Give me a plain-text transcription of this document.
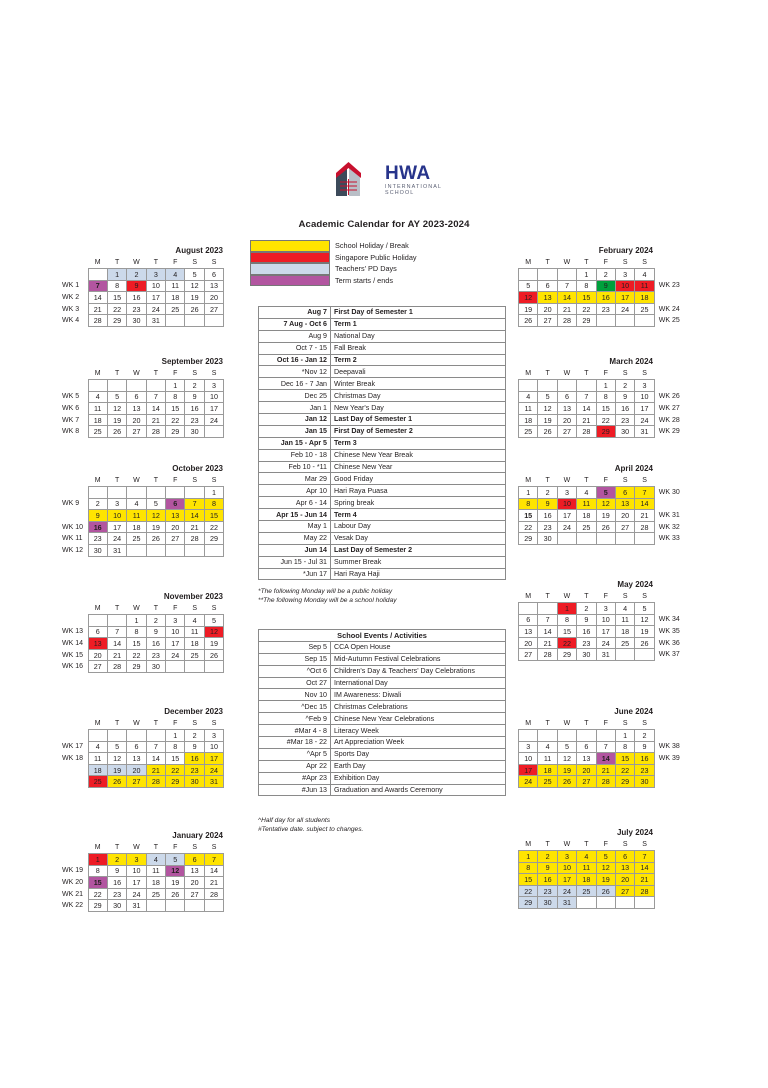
HWA
INTERNATIONAL
SCHOOL
Academic Calendar for AY 2023-2024
School Holiday / Break
Singapore Public Holiday
Teachers' PD Days
Term starts / ends
August 2023
	M	T	W	T	F	S	S
		1	2	3	4	5	6
WK 1	7	8	9	10	11	12	13
WK 2	14	15	16	17	18	19	20
WK 3	21	22	23	24	25	26	27
WK 4	28	29	30	31			
September 2023
	M	T	W	T	F	S	S
					1	2	3
WK 5	4	5	6	7	8	9	10
WK 6	11	12	13	14	15	16	17
WK 7	18	19	20	21	22	23	24
WK 8	25	26	27	28	29	30	
October 2023
	M	T	W	T	F	S	S
							1
WK 9	2	3	4	5	6	7	8
	9	10	11	12	13	14	15
WK 10	16	17	18	19	20	21	22
WK 11	23	24	25	26	27	28	29
WK 12	30	31					
November 2023
	M	T	W	T	F	S	S
			1	2	3	4	5
WK 13	6	7	8	9	10	11	12
WK 14	13	14	15	16	17	18	19
WK 15	20	21	22	23	24	25	26
WK 16	27	28	29	30			
December 2023
	M	T	W	T	F	S	S
					1	2	3
WK 17	4	5	6	7	8	9	10
WK 18	11	12	13	14	15	16	17
	18	19	20	21	22	23	24
	25	26	27	28	29	30	31
January 2024
	M	T	W	T	F	S	S
	1	2	3	4	5	6	7
WK 19	8	9	10	11	12	13	14
WK 20	15	16	17	18	19	20	21
WK 21	22	23	24	25	26	27	28
WK 22	29	30	31				
February 2024
M	T	W	T	F	S	S	
			1	2	3	4	
5	6	7	8	9	10	11	WK 23
12	13	14	15	16	17	18	
19	20	21	22	23	24	25	WK 24
26	27	28	29				WK 25
March 2024
M	T	W	T	F	S	S	
				1	2	3	
4	5	6	7	8	9	10	WK 26
11	12	13	14	15	16	17	WK 27
18	19	20	21	22	23	24	WK 28
25	26	27	28	29	30	31	WK 29
April 2024
M	T	W	T	F	S	S	
1	2	3	4	5	6	7	WK 30
8	9	10	11	12	13	14	
15	16	17	18	19	20	21	WK 31
22	23	24	25	26	27	28	WK 32
29	30						WK 33
May 2024
M	T	W	T	F	S	S	
		1	2	3	4	5	
6	7	8	9	10	11	12	WK 34
13	14	15	16	17	18	19	WK 35
20	21	22	23	24	25	26	WK 36
27	28	29	30	31			WK 37
June 2024
M	T	W	T	F	S	S	
					1	2	
3	4	5	6	7	8	9	WK 38
10	11	12	13	14	15	16	WK 39
17	18	19	20	21	22	23	
24	25	26	27	28	29	30	
July 2024
M	T	W	T	F	S	S	
1	2	3	4	5	6	7	
8	9	10	11	12	13	14	
15	16	17	18	19	20	21	
22	23	24	25	26	27	28	
29	30	31					
Aug 7	First Day of Semester 1
7 Aug - Oct 6	Term 1
Aug 9	National Day
Oct 7 - 15	Fall Break
Oct 16 - Jan 12	Term 2
*Nov 12	Deepavali
Dec 16 - 7 Jan	Winter Break
Dec 25	Christmas Day
Jan 1	New Year's Day
Jan 12	Last Day of Semester 1
Jan 15	First Day of Semester 2
Jan 15 - Apr 5	Term 3
Feb 10 - 18	Chinese New Year Break
Feb 10 - *11	Chinese New Year
Mar 29	Good Friday
Apr 10	Hari Raya Puasa
Apr 6 - 14	Spring break
Apr 15 - Jun 14	Term 4
May 1	Labour Day
May 22	Vesak Day
Jun 14	Last Day of Semester 2
Jun 15 - Jul 31	Summer Break
*Jun 17	Hari Raya Haji
*The following Monday will be a public holiday
**The following Monday will be a school holiday
School Events / Activities	
Sep 5	CCA Open House
Sep 15	Mid-Autumn Festival Celebrations
^Oct 6	Children's Day & Teachers' Day Celebrations
Oct 27	International Day
Nov 10	IM Awareness: Diwali
^Dec 15	Christmas Celebrations
^Feb 9	Chinese New Year Celebrations
#Mar 4 - 8	Literacy Week
#Mar 18 - 22	Art Appreciation Week
^Apr 5	Sports Day
Apr 22	Earth Day
#Apr 23	Exhibition Day
#Jun 13	Graduation and Awards Ceremony
^Half day for all students
#Tentative date. subject to changes.
